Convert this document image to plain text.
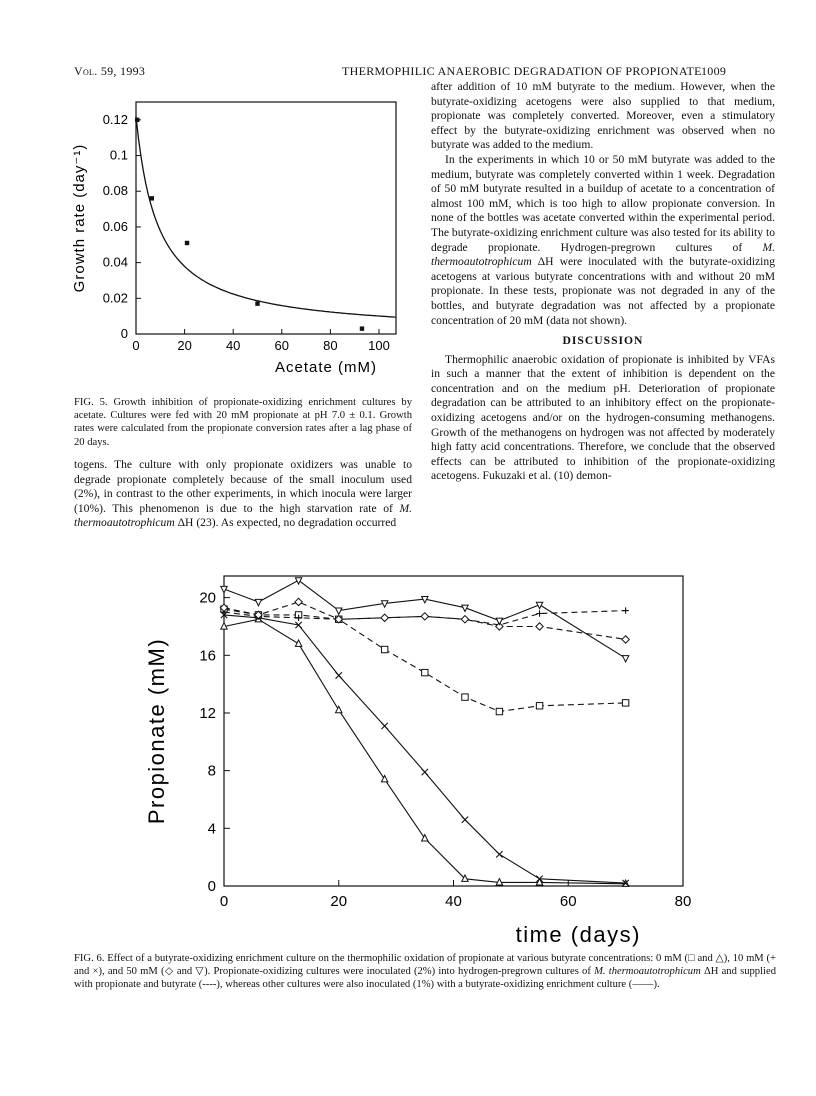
Vol. 59, 1993	THERMOPHILIC ANAEROBIC DEGRADATION OF PROPIONATE 1009
0	20	40	60	80 100
0
0.02
0.04
0.06
0.08
0.1
0.12
Acetate (mM)
Growth rate (day⁻¹)

FIG. 5. Growth inhibition of propionate-oxidizing enrichment cultures by acetate. Cultures were fed with 20 mM propionate at pH 7.0 ± 0.1. Growth rates were calculated from the propionate conversion rates after a lag phase of 20 days.

togens. The culture with only propionate oxidizers was unable to degrade propionate completely because of the small inoculum used (2%), in contrast to the other experiments, in which inocula were larger (10%). This phenomenon is due to the high starvation rate of M. thermoautotrophicum ΔH (23). As expected, no degradation occurred

after addition of 10 mM butyrate to the medium. However, when the butyrate-oxidizing acetogens were also supplied to that medium, propionate was completely converted. Moreover, even a stimulatory effect by the butyrate-oxidizing enrichment was observed when no butyrate was added to the medium.

In the experiments in which 10 or 50 mM butyrate was added to the medium, butyrate was completely converted within 1 week. Degradation of 50 mM butyrate resulted in a buildup of acetate to a concentration of almost 100 mM, which is too high to allow propionate conversion. In none of the bottles was acetate converted within the experimental period. The butyrate-oxidizing enrichment culture was also tested for its ability to degrade propionate. Hydrogen-pregrown cultures of M. thermoautotrophicum ΔH were inoculated with the butyrate-oxidizing acetogens at various butyrate concentrations with and without 20 mM propionate. In these tests, propionate was not degraded in any of the bottles, and butyrate degradation was not affected by a propionate concentration of 20 mM (data not shown).

DISCUSSION

Thermophilic anaerobic oxidation of propionate is inhibited by VFAs in such a manner that the extent of inhibition is dependent on the concentration and on the medium pH. Deterioration of propionate degradation can be attributed to an inhibitory effect on the propionate-oxidizing acetogens and/or on the hydrogen-consuming methanogens. Growth of the methanogens on hydrogen was not affected by moderately high fatty acid concentrations. Therefore, we conclude that the observed effects can be attributed to inhibition of the propionate-oxidizing acetogens. Fukuzaki et al. (10) demon-

0	20	40	60	80
0
4
8
12
16
20
time (days)
Propionate (mM)

FIG. 6. Effect of a butyrate-oxidizing enrichment culture on the thermophilic oxidation of propionate at various butyrate concentrations: 0 mM (□ and △), 10 mM (+ and ×), and 50 mM (◇ and ▽). Propionate-oxidizing cultures were inoculated (2%) into hydrogen-pregrown cultures of M. thermoautotrophicum ΔH and supplied with propionate and butyrate (----), whereas other cultures were also inoculated (1%) with a butyrate-oxidizing enrichment culture (——).
